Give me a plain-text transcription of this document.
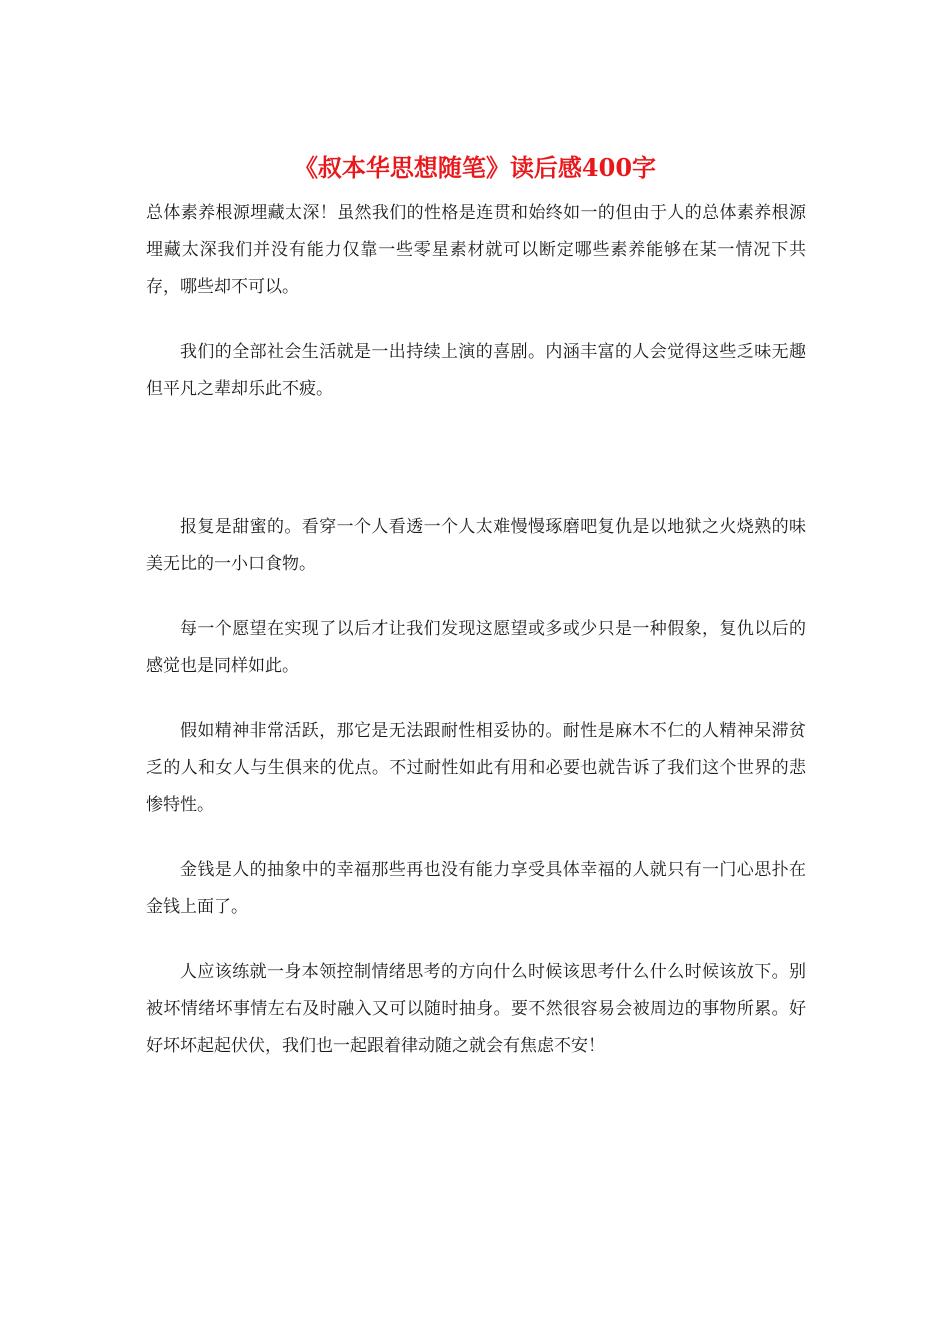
《叔本华思想随笔》读后感400字

总体素养根源埋藏太深！虽然我们的性格是连贯和始终如一的但由于人的总体素养根源埋藏太深我们并没有能力仅靠一些零星素材就可以断定哪些素养能够在某一情况下共存，哪些却不可以。

我们的全部社会生活就是一出持续上演的喜剧。内涵丰富的人会觉得这些乏味无趣但平凡之辈却乐此不疲。

报复是甜蜜的。看穿一个人看透一个人太难慢慢琢磨吧复仇是以地狱之火烧熟的味美无比的一小口食物。

每一个愿望在实现了以后才让我们发现这愿望或多或少只是一种假象，复仇以后的感觉也是同样如此。

假如精神非常活跃，那它是无法跟耐性相妥协的。耐性是麻木不仁的人精神呆滞贫乏的人和女人与生俱来的优点。不过耐性如此有用和必要也就告诉了我们这个世界的悲惨特性。

金钱是人的抽象中的幸福那些再也没有能力享受具体幸福的人就只有一门心思扑在金钱上面了。

人应该练就一身本领控制情绪思考的方向什么时候该思考什么什么时候该放下。别被坏情绪坏事情左右及时融入又可以随时抽身。要不然很容易会被周边的事物所累。好好坏坏起起伏伏，我们也一起跟着律动随之就会有焦虑不安！
